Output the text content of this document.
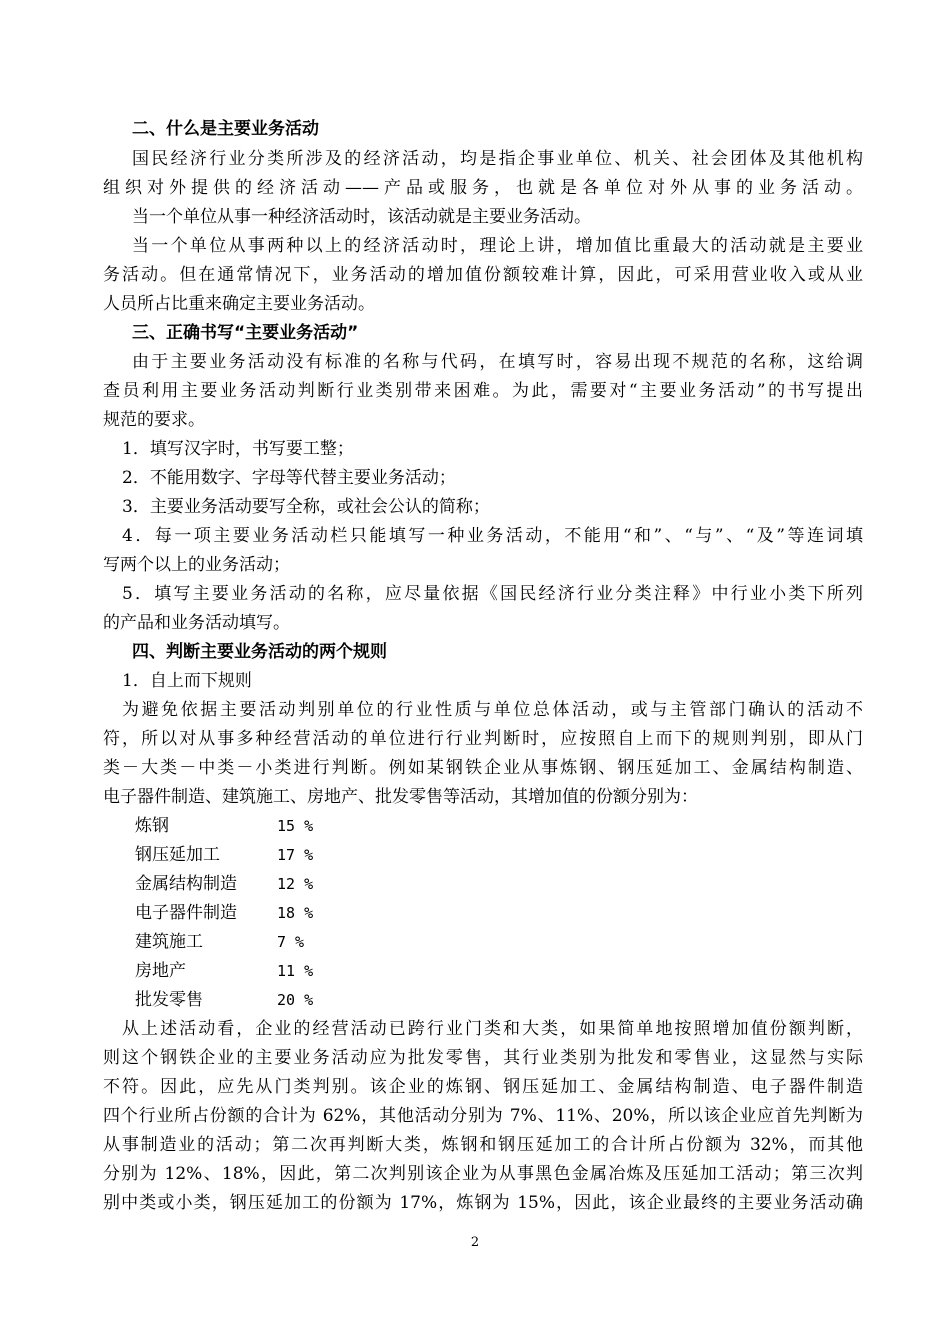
二、什么是主要业务活动
国民经济行业分类所涉及的经济活动，均是指企事业单位、机关、社会团体及其他机构
组织对外提供的经济活动——产品或服务，也就是各单位对外从事的业务活动。
当一个单位从事一种经济活动时，该活动就是主要业务活动。
当一个单位从事两种以上的经济活动时，理论上讲，增加值比重最大的活动就是主要业
务活动。但在通常情况下，业务活动的增加值份额较难计算，因此，可采用营业收入或从业
人员所占比重来确定主要业务活动。
三、正确书写“主要业务活动”
由于主要业务活动没有标准的名称与代码，在填写时，容易出现不规范的名称，这给调
查员利用主要业务活动判断行业类别带来困难。为此，需要对“主要业务活动”的书写提出
规范的要求。
1．填写汉字时，书写要工整；
2．不能用数字、字母等代替主要业务活动；
3．主要业务活动要写全称，或社会公认的简称；
4．每一项主要业务活动栏只能填写一种业务活动，不能用“和”、“与”、“及”等连词填
写两个以上的业务活动；
5．填写主要业务活动的名称，应尽量依据《国民经济行业分类注释》中行业小类下所列
的产品和业务活动填写。
四、判断主要业务活动的两个规则
1．自上而下规则
为避免依据主要活动判别单位的行业性质与单位总体活动，或与主管部门确认的活动不
符，所以对从事多种经营活动的单位进行行业判断时，应按照自上而下的规则判别，即从门
类－大类－中类－小类进行判断。例如某钢铁企业从事炼钢、钢压延加工、金属结构制造、
电子器件制造、建筑施工、房地产、批发零售等活动，其增加值的份额分别为：
炼钢	15 %
钢压延加工	17 %
金属结构制造	12 %
电子器件制造	18 %
建筑施工	7 %
房地产	11 %
批发零售	20 %
从上述活动看，企业的经营活动已跨行业门类和大类，如果简单地按照增加值份额判断，
则这个钢铁企业的主要业务活动应为批发零售，其行业类别为批发和零售业，这显然与实际
不符。因此，应先从门类判别。该企业的炼钢、钢压延加工、金属结构制造、电子器件制造
四个行业所占份额的合计为 62%，其他活动分别为 7%、11%、20%，所以该企业应首先判断为
从事制造业的活动；第二次再判断大类，炼钢和钢压延加工的合计所占份额为 32%，而其他
分别为 12%、18%，因此，第二次判别该企业为从事黑色金属冶炼及压延加工活动；第三次判
别中类或小类，钢压延加工的份额为 17%，炼钢为 15%，因此，该企业最终的主要业务活动确
2
